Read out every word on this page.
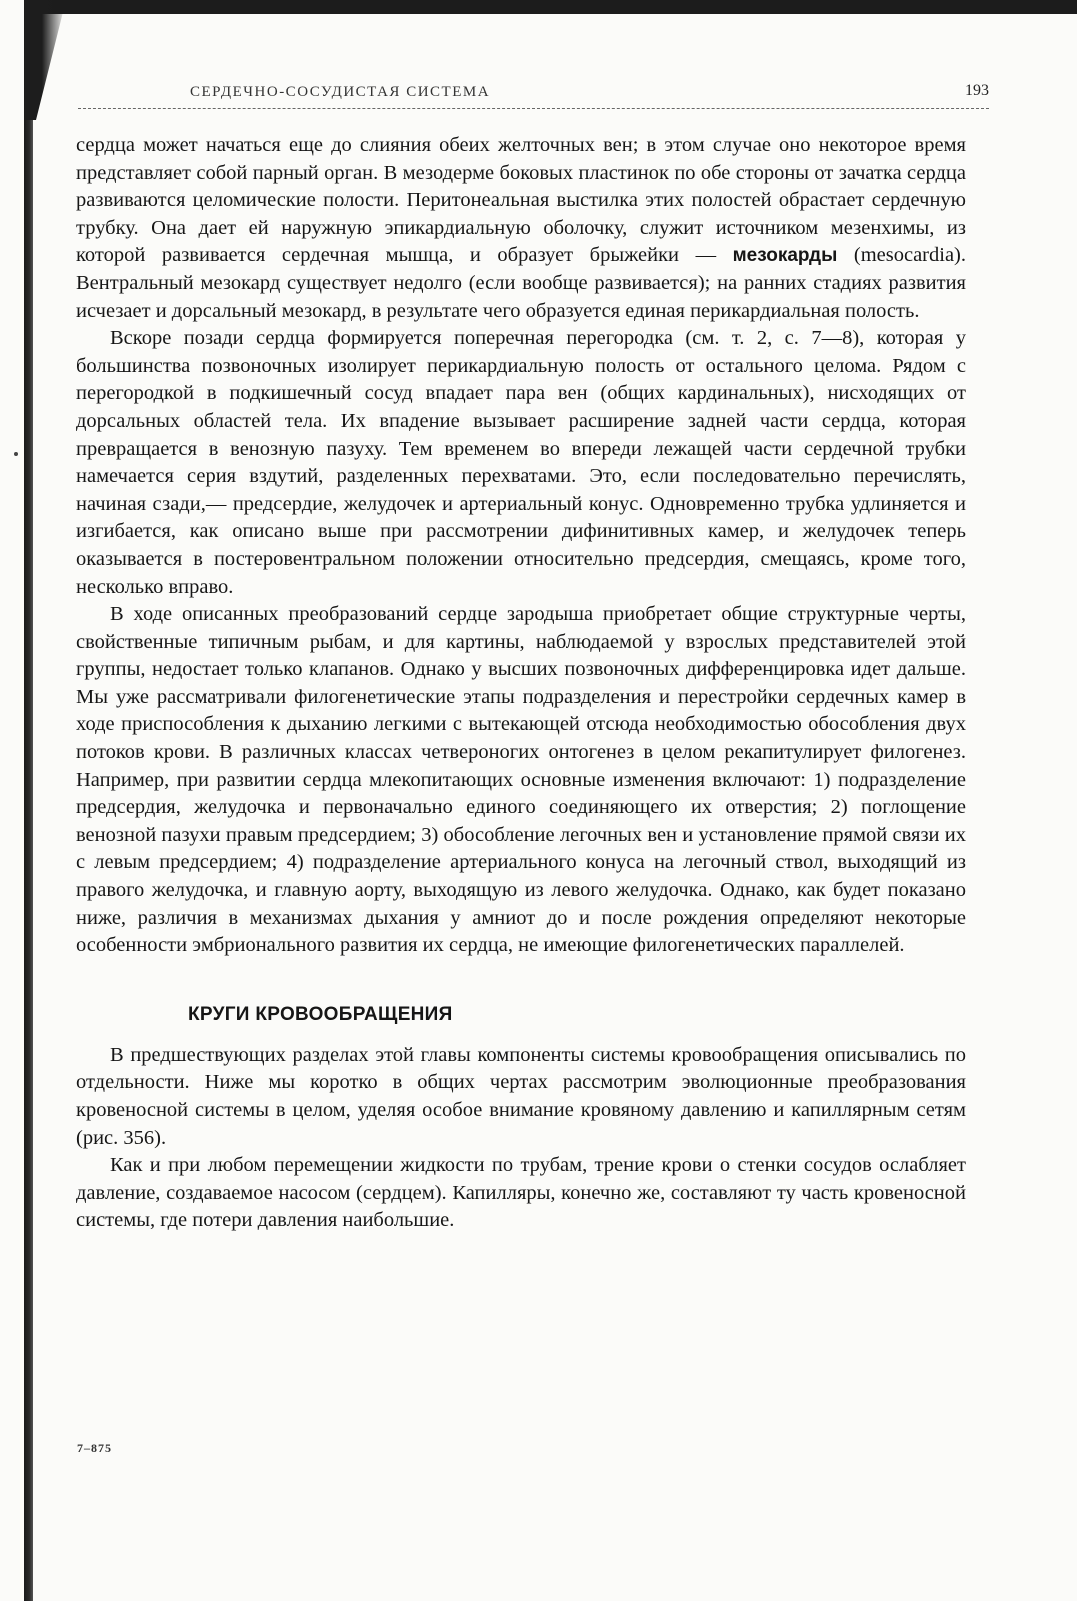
СЕРДЕЧНО-СОСУДИСТАЯ СИСТЕМА	193

сердца может начаться еще до слияния обеих желточных вен; в этом случае оно некоторое время представляет собой парный орган. В мезодерме боковых пластинок по обе стороны от зачатка сердца развиваются целомические полости. Перитонеальная выстилка этих полостей обрастает сердечную трубку. Она дает ей наружную эпикардиальную оболочку, служит источником мезенхимы, из которой развивается сердечная мышца, и образует брыжейки — мезокарды (mesocardia). Вентральный мезокард существует недолго (если вообще развивается); на ранних стадиях развития исчезает и дорсальный мезокард, в результате чего образуется единая перикардиальная полость.

Вскоре позади сердца формируется поперечная перегородка (см. т. 2, с. 7—8), которая у большинства позвоночных изолирует перикардиальную полость от остального целома. Рядом с перегородкой в подкишечный сосуд впадает пара вен (общих кардинальных), нисходящих от дорсальных областей тела. Их впадение вызывает расширение задней части сердца, которая превращается в венозную пазуху. Тем временем во впереди лежащей части сердечной трубки намечается серия вздутий, разделенных перехватами. Это, если последовательно перечислять, начиная сзади,— предсердие, желудочек и артериальный конус. Одновременно трубка удлиняется и изгибается, как описано выше при рассмотрении дифинитивных камер, и желудочек теперь оказывается в постеровентральном положении относительно предсердия, смещаясь, кроме того, несколько вправо.

В ходе описанных преобразований сердце зародыша приобретает общие структурные черты, свойственные типичным рыбам, и для картины, наблюдаемой у взрослых представителей этой группы, недостает только клапанов. Однако у высших позвоночных дифференцировка идет дальше. Мы уже рассматривали филогенетические этапы подразделения и перестройки сердечных камер в ходе приспособления к дыханию легкими с вытекающей отсюда необходимостью обособления двух потоков крови. В различных классах четвероногих онтогенез в целом рекапитулирует филогенез. Например, при развитии сердца млекопитающих основные изменения включают: 1) подразделение предсердия, желудочка и первоначально единого соединяющего их отверстия; 2) поглощение венозной пазухи правым предсердием; 3) обособление легочных вен и установление прямой связи их с левым предсердием; 4) подразделение артериального конуса на легочный ствол, выходящий из правого желудочка, и главную аорту, выходящую из левого желудочка. Однако, как будет показано ниже, различия в механизмах дыхания у амниот до и после рождения определяют некоторые особенности эмбрионального развития их сердца, не имеющие филогенетических параллелей.

КРУГИ КРОВООБРАЩЕНИЯ

В предшествующих разделах этой главы компоненты системы кровообращения описывались по отдельности. Ниже мы коротко в общих чертах рассмотрим эволюционные преобразования кровеносной системы в целом, уделяя особое внимание кровяному давлению и капиллярным сетям (рис. 356).

Как и при любом перемещении жидкости по трубам, трение крови о стенки сосудов ослабляет давление, создаваемое насосом (сердцем). Капилляры, конечно же, составляют ту часть кровеносной системы, где потери давления наибольшие.

7–875
